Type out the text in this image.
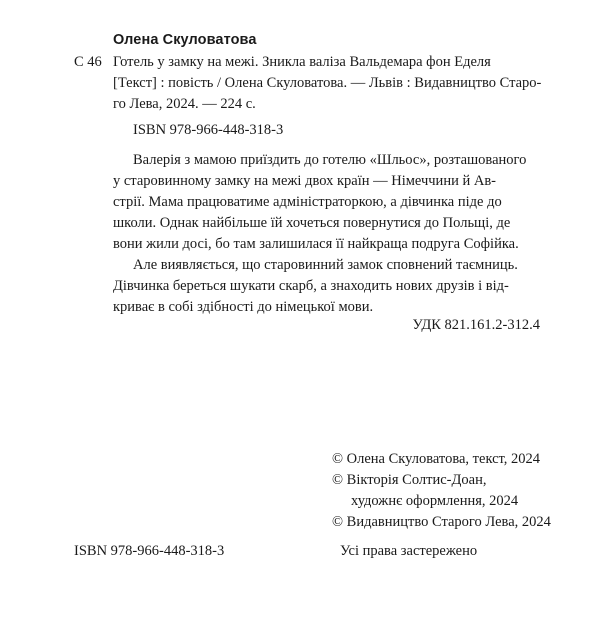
Олена Скуловатова
С 46 Готель у замку на межі. Зникла валіза Вальдемара фон Еделя
[Текст] : повість / Олена Скуловатова. — Львів : Видавництво Старо-
го Лева, 2024. — 224 с.
ISBN 978-966-448-318-3

Валерія з мамою приїздить до готелю «Шльос», розташованого
у старовинному замку на межі двох країн — Німеччини й Ав-
стрії. Мама працюватиме адміністраторкою, а дівчинка піде до
школи. Однак найбільше їй хочеться повернутися до Польщі, де
вони жили досі, бо там залишилася її найкраща подруга Софійка.

Але виявляється, що старовинний замок сповнений таємниць.
Дівчинка береться шукати скарб, а знаходить нових друзів і від-
криває в собі здібності до німецької мови.

УДК 821.161.2-312.4
© Олена Скуловатова, текст, 2024
© Вікторія Солтис-Доан,
художнє оформлення, 2024
© Видавництво Старого Лева, 2024
ISBN 978-966-448-318-3	Усі права застережено
